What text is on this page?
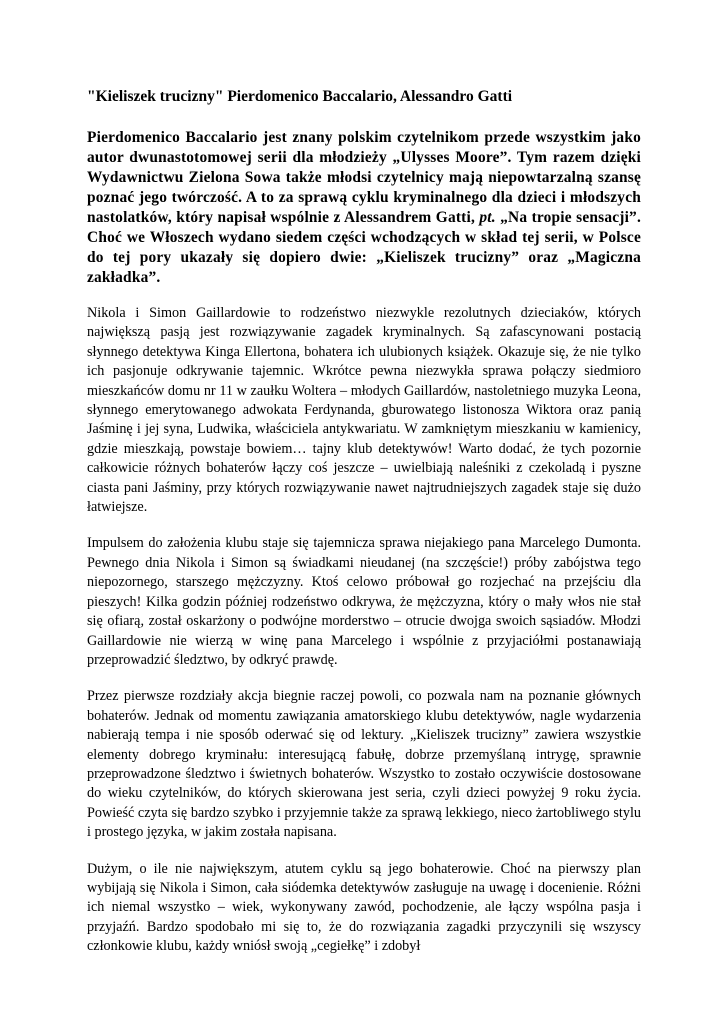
"Kieliszek trucizny" Pierdomenico Baccalario, Alessandro Gatti

Pierdomenico Baccalario jest znany polskim czytelnikom przede wszystkim jako autor dwunastotomowej serii dla młodzieży „Ulysses Moore”. Tym razem dzięki Wydawnictwu Zielona Sowa także młodsi czytelnicy mają niepowtarzalną szansę poznać jego twórczość. A to za sprawą cyklu kryminalnego dla dzieci i młodszych nastolatków, który napisał wspólnie z Alessandrem Gatti, pt. „Na tropie sensacji”. Choć we Włoszech wydano siedem części wchodzących w skład tej serii, w Polsce do tej pory ukazały się dopiero dwie: „Kieliszek trucizny” oraz „Magiczna zakładka”.

Nikola i Simon Gaillardowie to rodzeństwo niezwykle rezolutnych dzieciaków, których największą pasją jest rozwiązywanie zagadek kryminalnych. Są zafascynowani postacią słynnego detektywa Kinga Ellertona, bohatera ich ulubionych książek. Okazuje się, że nie tylko ich pasjonuje odkrywanie tajemnic. Wkrótce pewna niezwykła sprawa połączy siedmioro mieszkańców domu nr 11 w zaułku Woltera – młodych Gaillardów, nastoletniego muzyka Leona, słynnego emerytowanego adwokata Ferdynanda, gburowatego listonosza Wiktora oraz panią Jaśminę i jej syna, Ludwika, właściciela antykwariatu. W zamkniętym mieszkaniu w kamienicy, gdzie mieszkają, powstaje bowiem… tajny klub detektywów! Warto dodać, że tych pozornie całkowicie różnych bohaterów łączy coś jeszcze – uwielbiają naleśniki z czekoladą i pyszne ciasta pani Jaśminy, przy których rozwiązywanie nawet najtrudniejszych zagadek staje się dużo łatwiejsze.

Impulsem do założenia klubu staje się tajemnicza sprawa niejakiego pana Marcelego Dumonta. Pewnego dnia Nikola i Simon są świadkami nieudanej (na szczęście!) próby zabójstwa tego niepozornego, starszego mężczyzny. Ktoś celowo próbował go rozjechać na przejściu dla pieszych! Kilka godzin później rodzeństwo odkrywa, że mężczyzna, który o mały włos nie stał się ofiarą, został oskarżony o podwójne morderstwo – otrucie dwojga swoich sąsiadów. Młodzi Gaillardowie nie wierzą w winę pana Marcelego i wspólnie z przyjaciółmi postanawiają przeprowadzić śledztwo, by odkryć prawdę.

Przez pierwsze rozdziały akcja biegnie raczej powoli, co pozwala nam na poznanie głównych bohaterów. Jednak od momentu zawiązania amatorskiego klubu detektywów, nagle wydarzenia nabierają tempa i nie sposób oderwać się od lektury. „Kieliszek trucizny” zawiera wszystkie elementy dobrego kryminału: interesującą fabułę, dobrze przemyślaną intrygę, sprawnie przeprowadzone śledztwo i świetnych bohaterów. Wszystko to zostało oczywiście dostosowane do wieku czytelników, do których skierowana jest seria, czyli dzieci powyżej 9 roku życia. Powieść czyta się bardzo szybko i przyjemnie także za sprawą lekkiego, nieco żartobliwego stylu i prostego języka, w jakim została napisana.

Dużym, o ile nie największym, atutem cyklu są jego bohaterowie. Choć na pierwszy plan wybijają się Nikola i Simon, cała siódemka detektywów zasługuje na uwagę i docenienie. Różni ich niemal wszystko – wiek, wykonywany zawód, pochodzenie, ale łączy wspólna pasja i przyjaźń. Bardzo spodobało mi się to, że do rozwiązania zagadki przyczynili się wszyscy członkowie klubu, każdy wniósł swoją „cegiełkę” i zdobył
